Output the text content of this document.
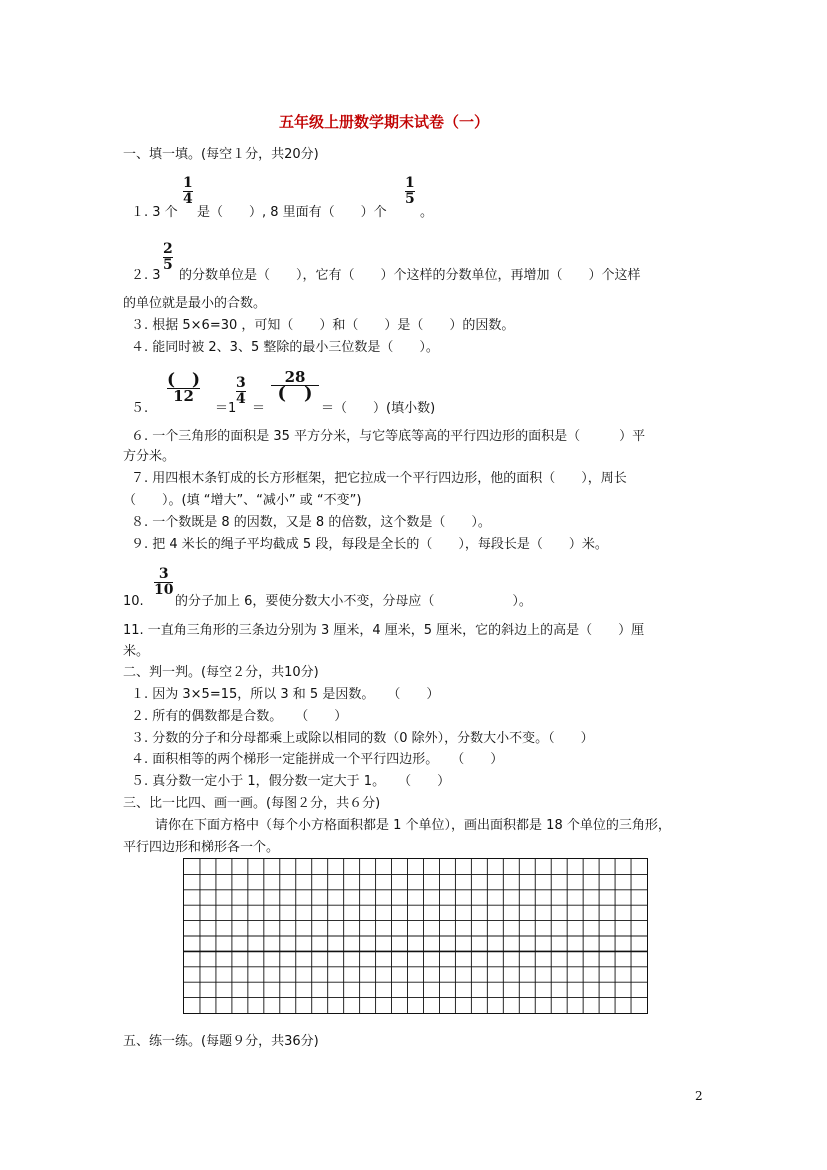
五年级上册数学期末试卷（一）
一、填一填。(每空１分，共20分)
1
4
１. 3 个 是（　　）, 8 里面有（　　）个
1
5
。
2
5
２. 3 的分数单位是（　　），它有（　　）个这样的分数单位，再增加（　　）个这样
的单位就是最小的合数。
３. 根据 5×6=30 ，可知（　　）和（　　）是（　　）的因数。
４. 能同时被 2、3、5 整除的最小三位数是（　　）。
５.
(　)
12
＝1
3
4
＝
28
(　)
＝（　　）(填小数)
６. 一个三角形的面积是 35 平方分米，与它等底等高的平行四边形的面积是（　　　）平
方分米。
７. 用四根木条钉成的长方形框架，把它拉成一个平行四边形，他的面积（　　），周长
（　　）。(填 “增大”、“减小” 或 “不变”)
８. 一个数既是 8 的因数，又是 8 的倍数，这个数是（　　）。
９. 把 4 米长的绳子平均截成 5 段，每段是全长的（　　），每段长是（　　）米。
3
10
10. 的分子加上 6，要使分数大小不变，分母应（　　　　　　）。
11. 一直角三角形的三条边分别为 3 厘米，4 厘米，5 厘米，它的斜边上的高是（　　）厘
米。
二、判一判。(每空２分，共10分)
１. 因为 3×5=15，所以 3 和 5 是因数。　　（　　）
２. 所有的偶数都是合数。　　（　　）
３. 分数的分子和分母都乘上或除以相同的数（0 除外），分数大小不变。（　　）
４. 面积相等的两个梯形一定能拼成一个平行四边形。　　（　　）
５. 真分数一定小于 1，假分数一定大于 1。　　（　　）
三、比一比四、画一画。(每图２分，共６分)
请你在下面方格中（每个小方格面积都是 1 个单位），画出面积都是 18 个单位的三角形，
平行四边形和梯形各一个。
五、练一练。(每题９分，共36分)
2
